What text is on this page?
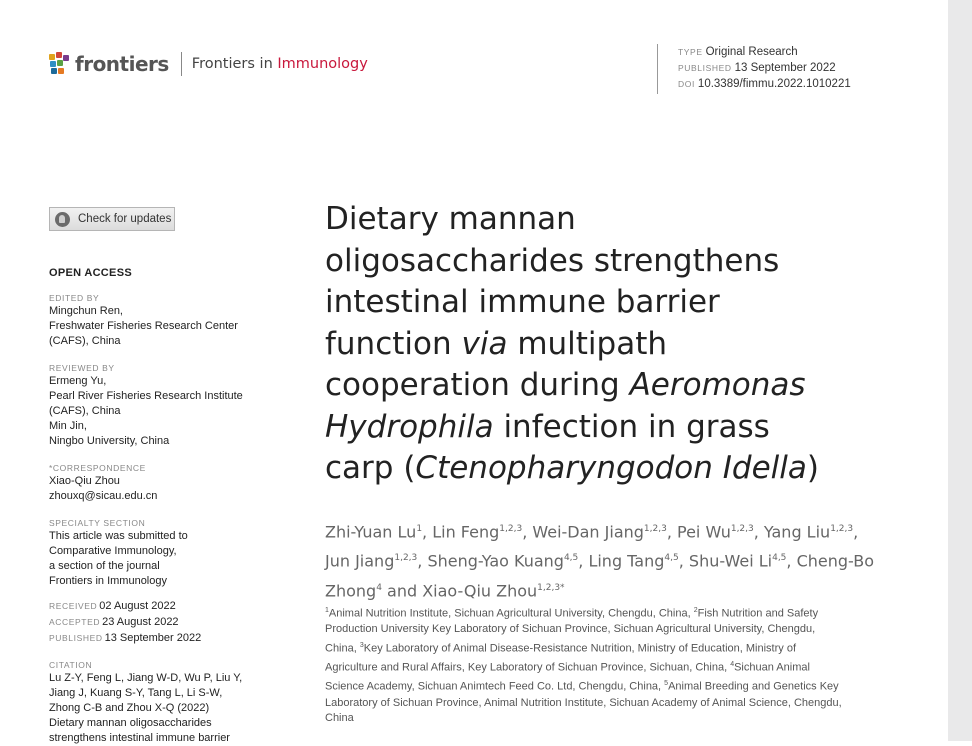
frontiers Frontiers in Immunology
TYPE Original Research
PUBLISHED 13 September 2022
DOI 10.3389/fimmu.2022.1010221
Check for updates
OPEN ACCESS
EDITED BY
Mingchun Ren,
Freshwater Fisheries Research Center
(CAFS), China
REVIEWED BY
Ermeng Yu,
Pearl River Fisheries Research Institute
(CAFS), China
Min Jin,
Ningbo University, China
*CORRESPONDENCE
Xiao-Qiu Zhou
zhouxq@sicau.edu.cn
SPECIALTY SECTION
This article was submitted to
Comparative Immunology,
a section of the journal
Frontiers in Immunology
RECEIVED 02 August 2022
ACCEPTED 23 August 2022
PUBLISHED 13 September 2022
CITATION
Lu Z-Y, Feng L, Jiang W-D, Wu P, Liu Y,
Jiang J, Kuang S-Y, Tang L, Li S-W,
Zhong C-B and Zhou X-Q (2022)
Dietary mannan oligosaccharides
strengthens intestinal immune barrier
Dietary mannan
oligosaccharides strengthens
intestinal immune barrier
function via multipath
cooperation during Aeromonas
Hydrophila infection in grass
carp (Ctenopharyngodon Idella)
Zhi-Yuan Lu$^1$, Lin Feng$^{1,2,3}$, Wei-Dan Jiang$^{1,2,3}$, Pei Wu$^{1,2,3}$, Yang Liu$^{1,2,3}$, Jun Jiang$^{1,2,3}$, Sheng-Yao Kuang$^{4,5}$, Ling Tang$^{4,5}$, Shu-Wei Li$^{4,5}$, Cheng-Bo Zhong$^4$ and Xiao-Qiu Zhou$^{1,2,3*}$
$^1$Animal Nutrition Institute, Sichuan Agricultural University, Chengdu, China, $^2$Fish Nutrition and Safety Production University Key Laboratory of Sichuan Province, Sichuan Agricultural University, Chengdu, China, $^3$Key Laboratory of Animal Disease-Resistance Nutrition, Ministry of Education, Ministry of Agriculture and Rural Affairs, Key Laboratory of Sichuan Province, Sichuan, China, $^4$Sichuan Animal Science Academy, Sichuan Animtech Feed Co. Ltd, Chengdu, China, $^5$Animal Breeding and Genetics Key Laboratory of Sichuan Province, Animal Nutrition Institute, Sichuan Academy of Animal Science, Chengdu, China
